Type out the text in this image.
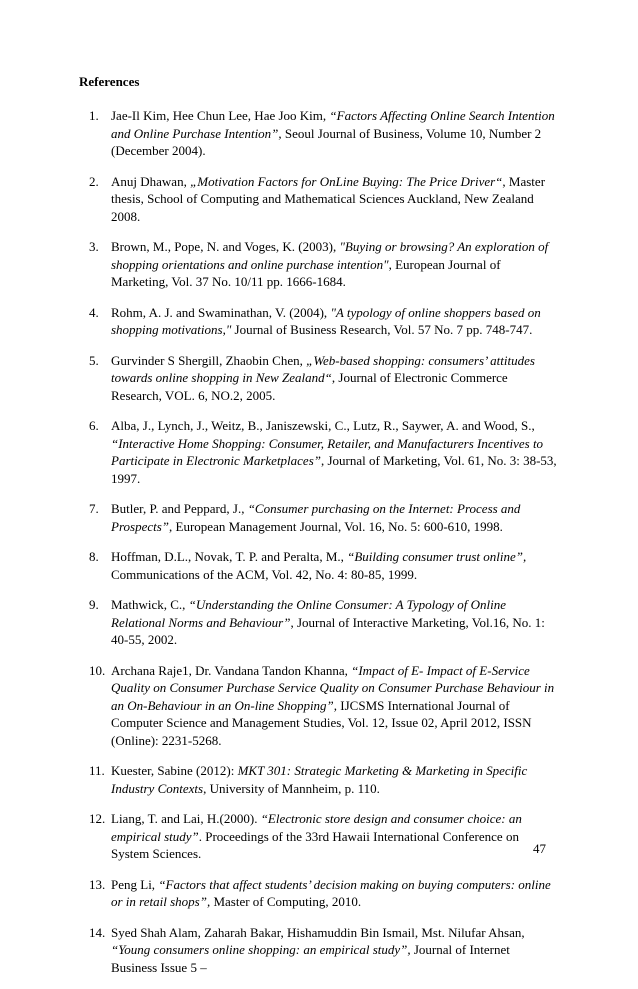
References
1. Jae-Il Kim, Hee Chun Lee, Hae Joo Kim, “Factors Affecting Online Search Intention and Online Purchase Intention”, Seoul Journal of Business, Volume 10, Number 2 (December 2004).
2. Anuj Dhawan, „Motivation Factors for OnLine Buying: The Price Driver“, Master thesis, School of Computing and Mathematical Sciences Auckland, New Zealand 2008.
3. Brown, M., Pope, N. and Voges, K. (2003), "Buying or browsing? An exploration of shopping orientations and online purchase intention", European Journal of Marketing, Vol. 37 No. 10/11 pp. 1666-1684.
4. Rohm, A. J. and Swaminathan, V. (2004), "A typology of online shoppers based on shopping motivations," Journal of Business Research, Vol. 57 No. 7 pp. 748-747.
5. Gurvinder S Shergill, Zhaobin Chen, „Web-based shopping: consumers’ attitudes towards online shopping in New Zealand“, Journal of Electronic Commerce Research, VOL. 6, NO.2, 2005.
6. Alba, J., Lynch, J., Weitz, B., Janiszewski, C., Lutz, R., Saywer, A. and Wood, S., “Interactive Home Shopping: Consumer, Retailer, and Manufacturers Incentives to Participate in Electronic Marketplaces”, Journal of Marketing, Vol. 61, No. 3: 38-53, 1997.
7. Butler, P. and Peppard, J., “Consumer purchasing on the Internet: Process and Prospects”, European Management Journal, Vol. 16, No. 5: 600-610, 1998.
8. Hoffman, D.L., Novak, T. P. and Peralta, M., “Building consumer trust online”, Communications of the ACM, Vol. 42, No. 4: 80-85, 1999.
9. Mathwick, C., “Understanding the Online Consumer: A Typology of Online Relational Norms and Behaviour”, Journal of Interactive Marketing, Vol.16, No. 1: 40-55, 2002.
10. Archana Raje1, Dr. Vandana Tandon Khanna, “Impact of E- Impact of E-Service Quality on Consumer Purchase Service Quality on Consumer Purchase Behaviour in an On-Behaviour in an On-line Shopping”, IJCSMS International Journal of Computer Science and Management Studies, Vol. 12, Issue 02, April 2012, ISSN (Online): 2231-5268.
11. Kuester, Sabine (2012): MKT 301: Strategic Marketing & Marketing in Specific Industry Contexts, University of Mannheim, p. 110.
12. Liang, T. and Lai, H.(2000). “Electronic store design and consumer choice: an empirical study”. Proceedings of the 33rd Hawaii International Conference on System Sciences.
13. Peng Li, “Factors that affect students’ decision making on buying computers: online or in retail shops”, Master of Computing, 2010.
14. Syed Shah Alam, Zaharah Bakar, Hishamuddin Bin Ismail, Mst. Nilufar Ahsan, “Young consumers online shopping: an empirical study”, Journal of Internet Business Issue 5 –
47
